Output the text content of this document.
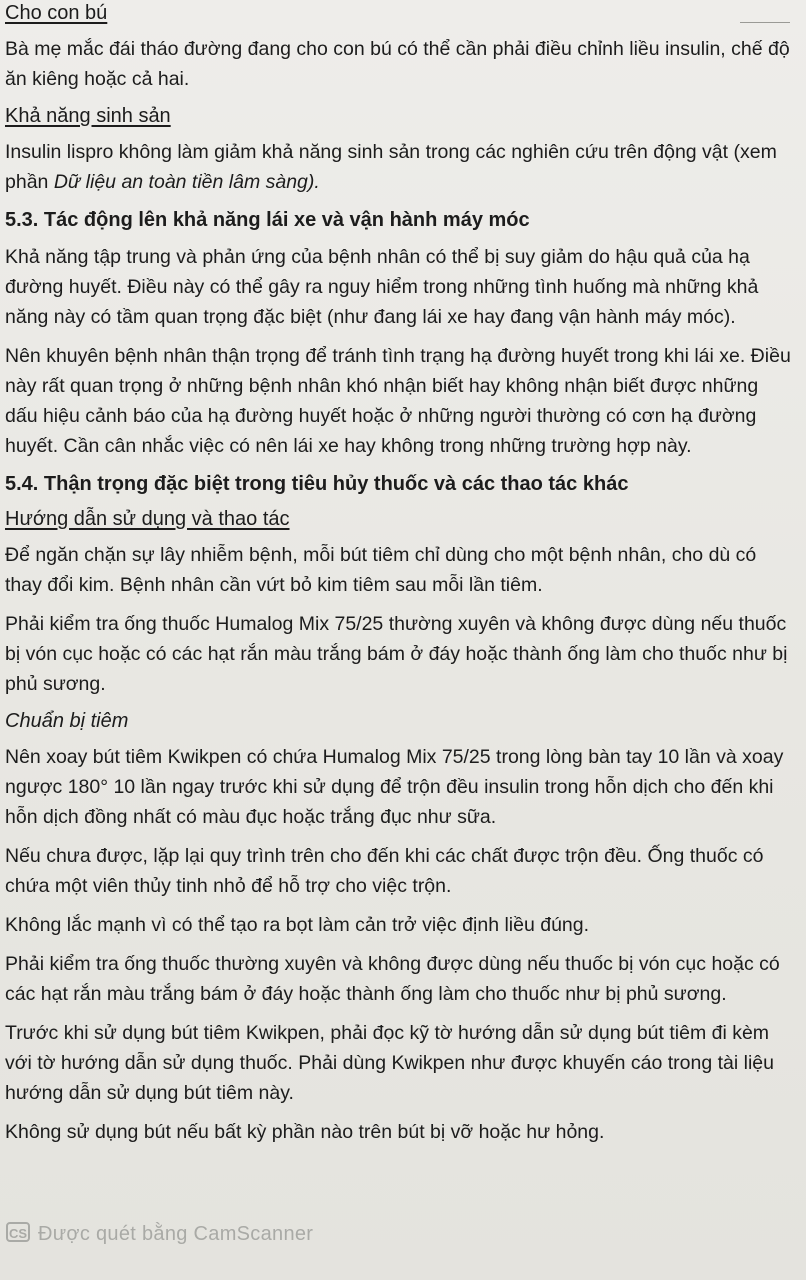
Cho con bú

Bà mẹ mắc đái tháo đường đang cho con bú có thể cần phải điều chỉnh liều insulin, chế độ ăn kiêng hoặc cả hai.

Khả năng sinh sản

Insulin lispro không làm giảm khả năng sinh sản trong các nghiên cứu trên động vật (xem phần Dữ liệu an toàn tiền lâm sàng).

5.3. Tác động lên khả năng lái xe và vận hành máy móc

Khả năng tập trung và phản ứng của bệnh nhân có thể bị suy giảm do hậu quả của hạ đường huyết. Điều này có thể gây ra nguy hiểm trong những tình huống mà những khả năng này có tầm quan trọng đặc biệt (như đang lái xe hay đang vận hành máy móc).

Nên khuyên bệnh nhân thận trọng để tránh tình trạng hạ đường huyết trong khi lái xe. Điều này rất quan trọng ở những bệnh nhân khó nhận biết hay không nhận biết được những dấu hiệu cảnh báo của hạ đường huyết hoặc ở những người thường có cơn hạ đường huyết. Cần cân nhắc việc có nên lái xe hay không trong những trường hợp này.

5.4. Thận trọng đặc biệt trong tiêu hủy thuốc và các thao tác khác
Hướng dẫn sử dụng và thao tác

Để ngăn chặn sự lây nhiễm bệnh, mỗi bút tiêm chỉ dùng cho một bệnh nhân, cho dù có thay đổi kim. Bệnh nhân cần vứt bỏ kim tiêm sau mỗi lần tiêm.

Phải kiểm tra ống thuốc Humalog Mix 75/25 thường xuyên và không được dùng nếu thuốc bị vón cục hoặc có các hạt rắn màu trắng bám ở đáy hoặc thành ống làm cho thuốc như bị phủ sương.

Chuẩn bị tiêm

Nên xoay bút tiêm Kwikpen có chứa Humalog Mix 75/25 trong lòng bàn tay 10 lần và xoay ngược 180° 10 lần ngay trước khi sử dụng để trộn đều insulin trong hỗn dịch cho đến khi hỗn dịch đồng nhất có màu đục hoặc trắng đục như sữa.

Nếu chưa được, lặp lại quy trình trên cho đến khi các chất được trộn đều. Ống thuốc có chứa một viên thủy tinh nhỏ để hỗ trợ cho việc trộn.

Không lắc mạnh vì có thể tạo ra bọt làm cản trở việc định liều đúng.

Phải kiểm tra ống thuốc thường xuyên và không được dùng nếu thuốc bị vón cục hoặc có các hạt rắn màu trắng bám ở đáy hoặc thành ống làm cho thuốc như bị phủ sương.

Trước khi sử dụng bút tiêm Kwikpen, phải đọc kỹ tờ hướng dẫn sử dụng bút tiêm đi kèm với tờ hướng dẫn sử dụng thuốc. Phải dùng Kwikpen như được khuyến cáo trong tài liệu hướng dẫn sử dụng bút tiêm này.

Không sử dụng bút nếu bất kỳ phần nào trên bút bị vỡ hoặc hư hỏng.

CS Được quét bằng CamScanner
